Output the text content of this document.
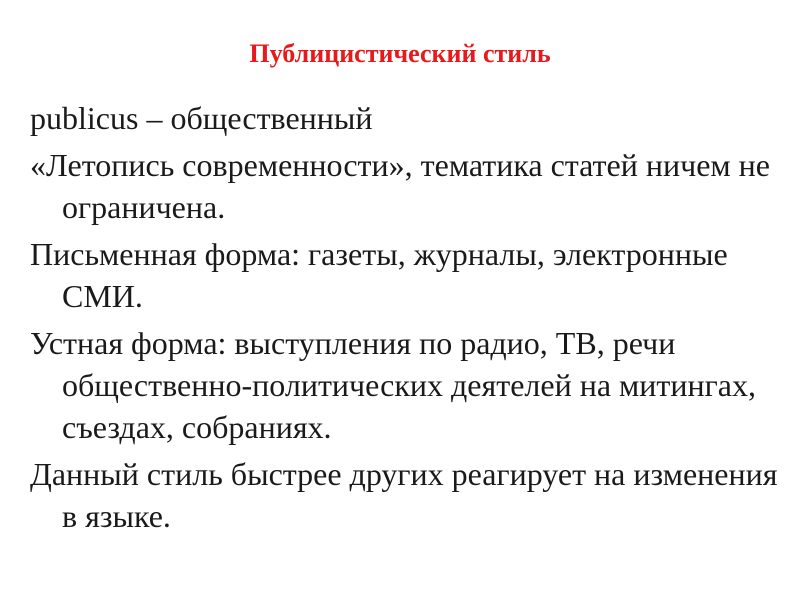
Публицистический стиль

publicus – общественный

«Летопись современности», тематика статей ничем не ограничена.

Письменная форма: газеты, журналы, электронные СМИ.

Устная форма: выступления по радио, ТВ, речи общественно-политических деятелей на митингах, съездах, собраниях.

Данный стиль быстрее других реагирует на изменения в языке.
